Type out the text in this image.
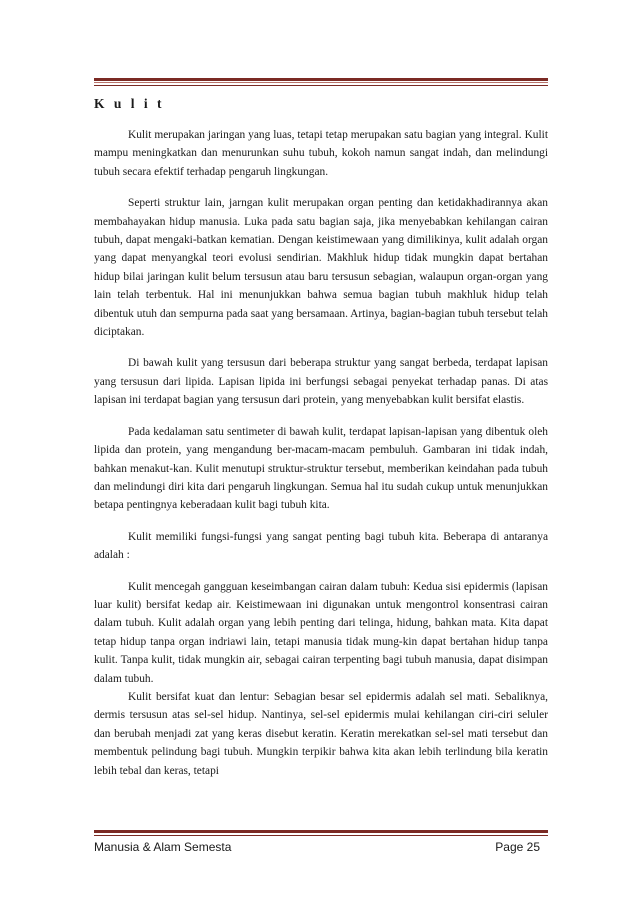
K u l i t

Kulit merupakan jaringan yang luas, tetapi tetap merupakan satu bagian yang integral. Kulit mampu meningkatkan dan menurunkan suhu tubuh, kokoh namun sangat indah, dan melindungi tubuh secara efektif terhadap pengaruh lingkungan.

Seperti struktur lain, jarngan kulit merupakan organ penting dan ketidakhadirannya akan membahayakan hidup manusia. Luka pada satu bagian saja, jika menyebabkan kehilangan cairan tubuh, dapat mengaki-batkan kematian. Dengan keistimewaan yang dimilikinya, kulit adalah organ yang dapat menyangkal teori evolusi sendirian. Makhluk hidup tidak mungkin dapat bertahan hidup bilai jaringan kulit belum tersusun atau baru tersusun sebagian, walaupun organ-organ yang lain telah terbentuk. Hal ini menunjukkan bahwa semua bagian tubuh makhluk hidup telah dibentuk utuh dan sempurna pada saat yang bersamaan. Artinya, bagian-bagian tubuh tersebut telah diciptakan.

Di bawah kulit yang tersusun dari beberapa struktur yang sangat berbeda, terdapat lapisan yang tersusun dari lipida. Lapisan lipida ini berfungsi sebagai penyekat terhadap panas. Di atas lapisan ini terdapat bagian yang tersusun dari protein, yang menyebabkan kulit bersifat elastis.

Pada kedalaman satu sentimeter di bawah kulit, terdapat lapisan-lapisan yang dibentuk oleh lipida dan protein, yang mengandung ber-macam-macam pembuluh. Gambaran ini tidak indah, bahkan menakut-kan. Kulit menutupi struktur-struktur tersebut, memberikan keindahan pada tubuh dan melindungi diri kita dari pengaruh lingkungan. Semua hal itu sudah cukup untuk menunjukkan betapa pentingnya keberadaan kulit bagi tubuh kita.

Kulit memiliki fungsi-fungsi yang sangat penting bagi tubuh kita. Beberapa di antaranya adalah :

Kulit mencegah gangguan keseimbangan cairan dalam tubuh: Kedua sisi epidermis (lapisan luar kulit) bersifat kedap air. Keistimewaan ini digunakan untuk mengontrol konsentrasi cairan dalam tubuh. Kulit adalah organ yang lebih penting dari telinga, hidung, bahkan mata. Kita dapat tetap hidup tanpa organ indriawi lain, tetapi manusia tidak mung-kin dapat bertahan hidup tanpa kulit. Tanpa kulit, tidak mungkin air, sebagai cairan terpenting bagi tubuh manusia, dapat disimpan dalam tubuh.

Kulit bersifat kuat dan lentur: Sebagian besar sel epidermis adalah sel mati. Sebaliknya, dermis tersusun atas sel-sel hidup. Nantinya, sel-sel epidermis mulai kehilangan ciri-ciri seluler dan berubah menjadi zat yang keras disebut keratin. Keratin merekatkan sel-sel mati tersebut dan membentuk pelindung bagi tubuh. Mungkin terpikir bahwa kita akan lebih terlindung bila keratin lebih tebal dan keras, tetapi

Manusia & Alam Semesta	Page 25
